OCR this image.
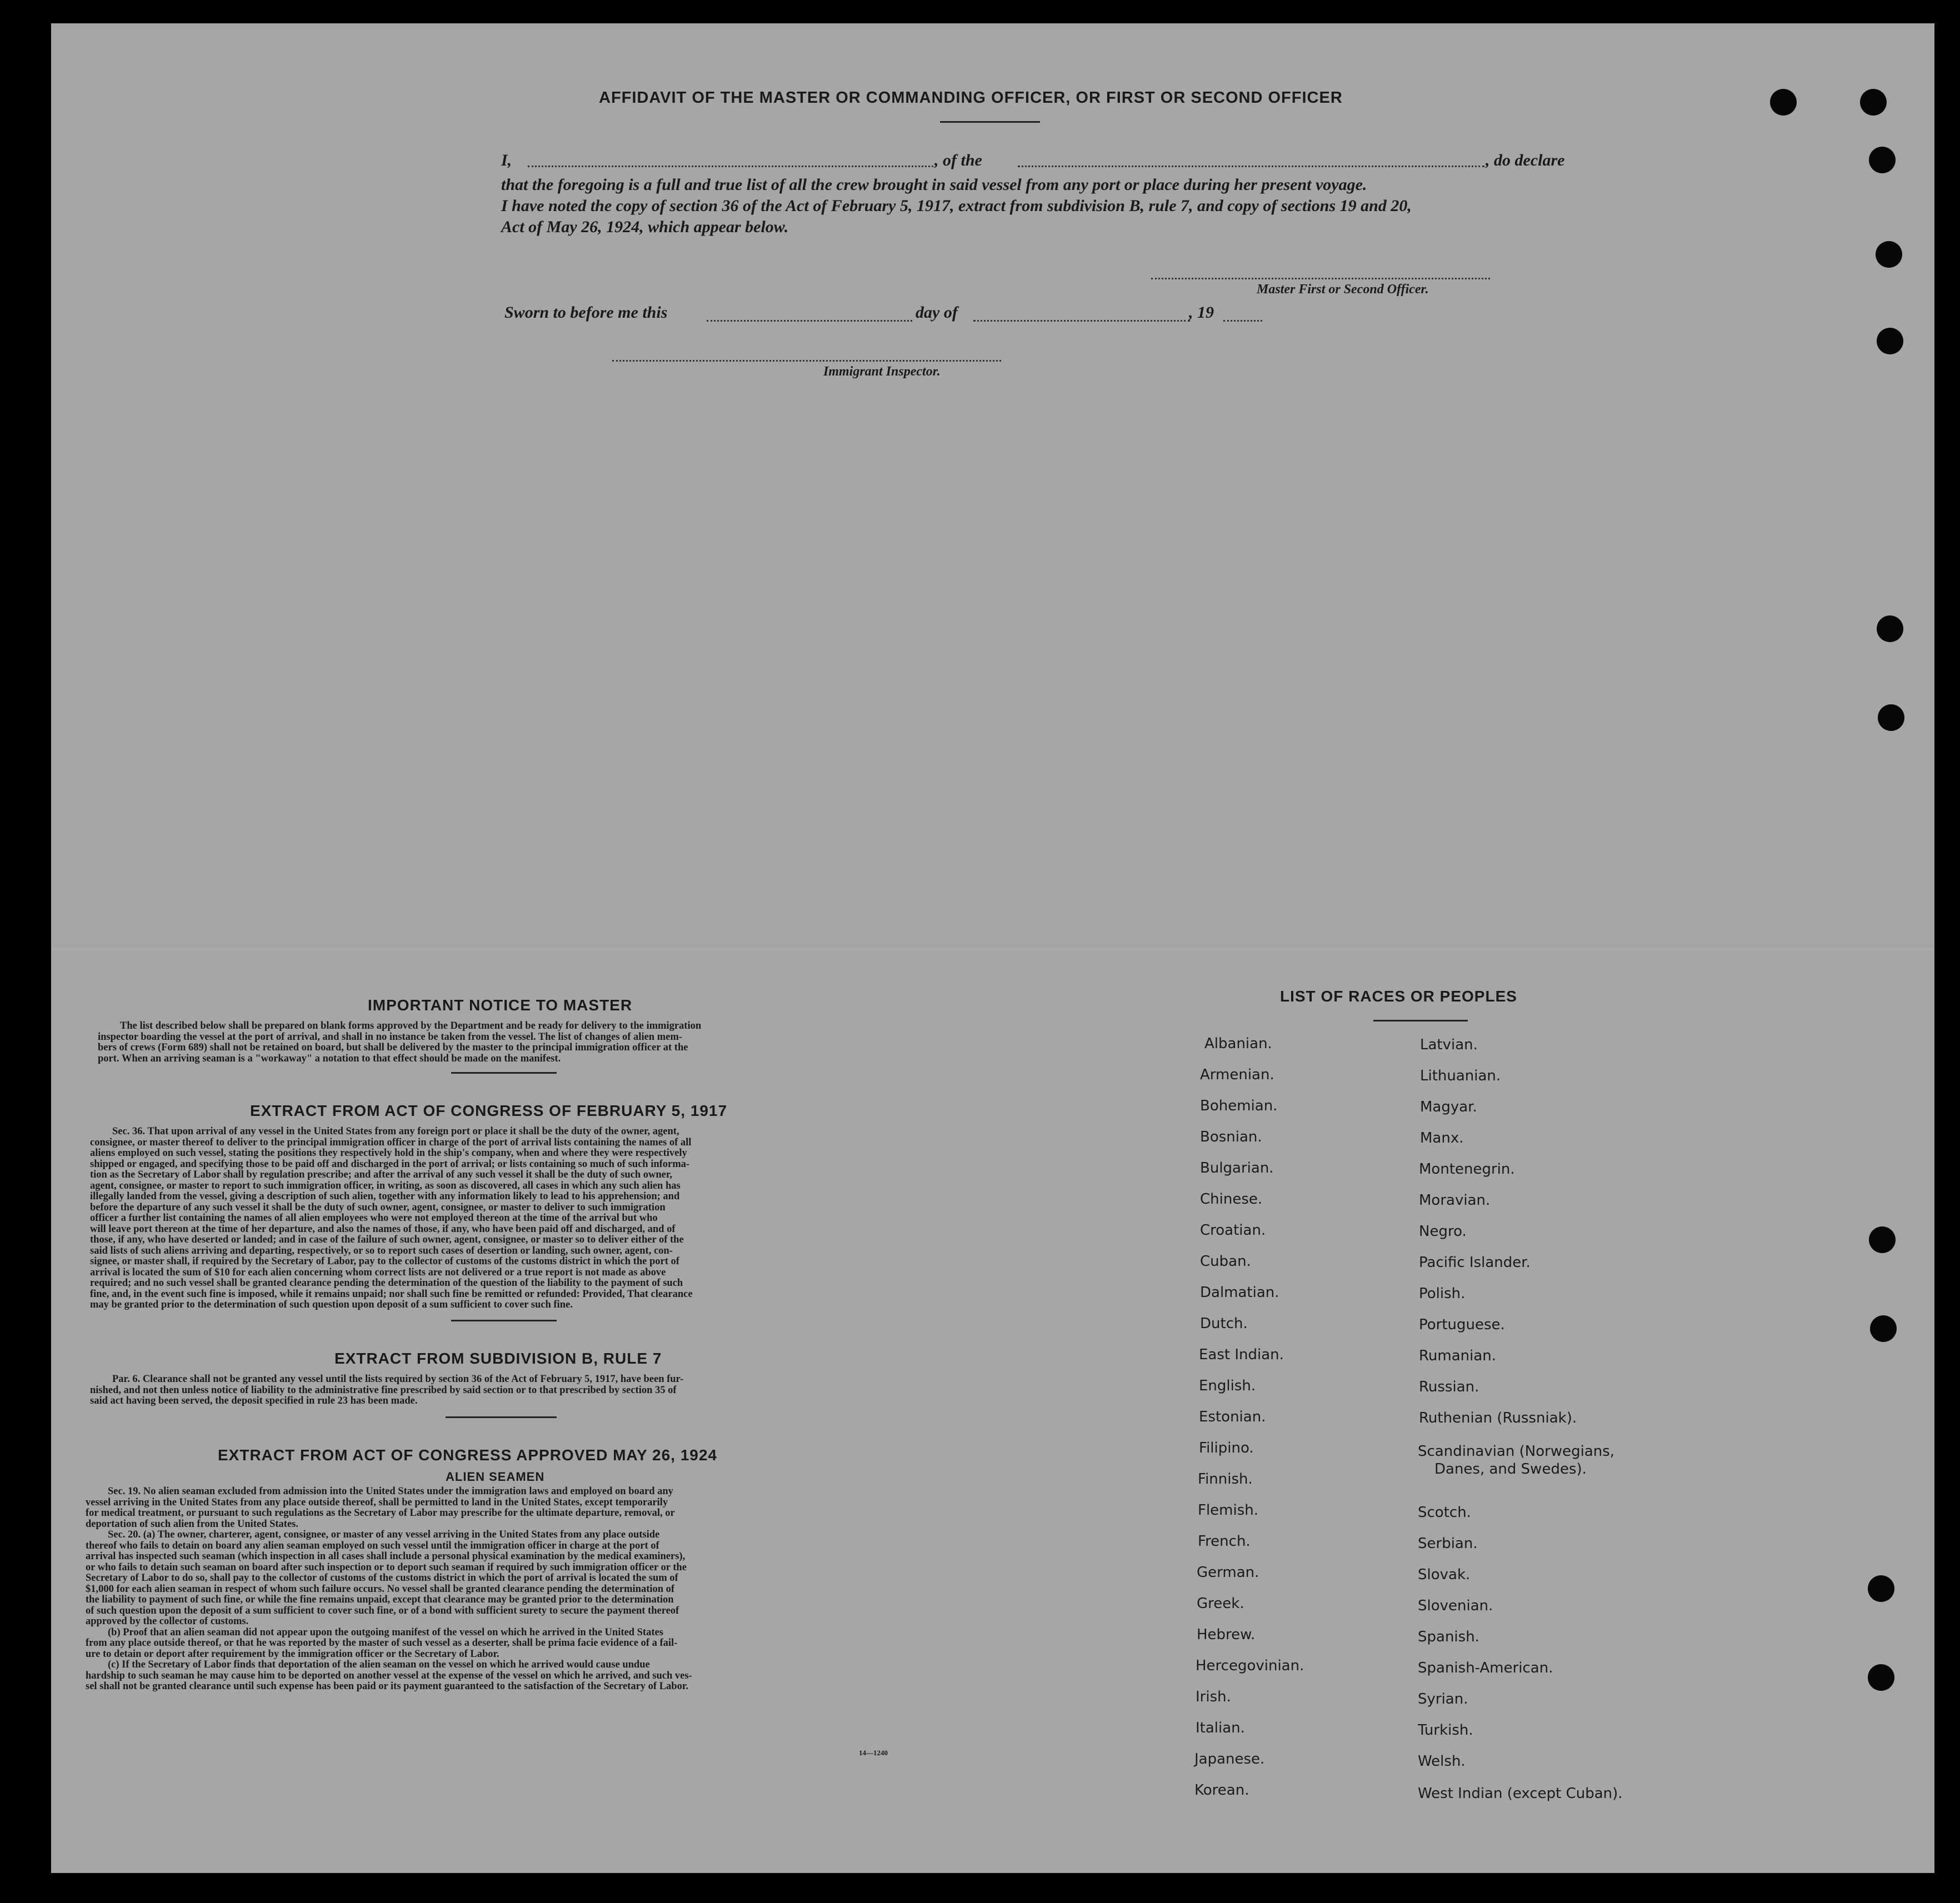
AFFIDAVIT OF THE MASTER OR COMMANDING OFFICER, OR FIRST OR SECOND OFFICER
I,	, of the	, do declare
that the foregoing is a full and true list of all the crew brought in said vessel from any port or place during her present voyage.
I have noted the copy of section 36 of the Act of February 5, 1917, extract from subdivision B, rule 7, and copy of sections 19 and 20,
Act of May 26, 1924, which appear below.
Master First or Second Officer.
Sworn to before me this	day of	, 19
Immigrant Inspector.
IMPORTANT NOTICE TO MASTER
The list described below shall be prepared on blank forms approved by the Department and be ready for delivery to the immigration
inspector boarding the vessel at the port of arrival, and shall in no instance be taken from the vessel. The list of changes of alien mem-
bers of crews (Form 689) shall not be retained on board, but shall be delivered by the master to the principal immigration officer at the
port. When an arriving seaman is a "workaway" a notation to that effect should be made on the manifest.
EXTRACT FROM ACT OF CONGRESS OF FEBRUARY 5, 1917
Sec. 36. That upon arrival of any vessel in the United States from any foreign port or place it shall be the duty of the owner, agent,
consignee, or master thereof to deliver to the principal immigration officer in charge of the port of arrival lists containing the names of all
aliens employed on such vessel, stating the positions they respectively hold in the ship's company, when and where they were respectively
shipped or engaged, and specifying those to be paid off and discharged in the port of arrival; or lists containing so much of such informa-
tion as the Secretary of Labor shall by regulation prescribe; and after the arrival of any such vessel it shall be the duty of such owner,
agent, consignee, or master to report to such immigration officer, in writing, as soon as discovered, all cases in which any such alien has
illegally landed from the vessel, giving a description of such alien, together with any information likely to lead to his apprehension; and
before the departure of any such vessel it shall be the duty of such owner, agent, consignee, or master to deliver to such immigration
officer a further list containing the names of all alien employees who were not employed thereon at the time of the arrival but who
will leave port thereon at the time of her departure, and also the names of those, if any, who have been paid off and discharged, and of
those, if any, who have deserted or landed; and in case of the failure of such owner, agent, consignee, or master so to deliver either of the
said lists of such aliens arriving and departing, respectively, or so to report such cases of desertion or landing, such owner, agent, con-
signee, or master shall, if required by the Secretary of Labor, pay to the collector of customs of the customs district in which the port of
arrival is located the sum of $10 for each alien concerning whom correct lists are not delivered or a true report is not made as above
required; and no such vessel shall be granted clearance pending the determination of the question of the liability to the payment of such
fine, and, in the event such fine is imposed, while it remains unpaid; nor shall such fine be remitted or refunded: Provided, That clearance
may be granted prior to the determination of such question upon deposit of a sum sufficient to cover such fine.
EXTRACT FROM SUBDIVISION B, RULE 7
Par. 6. Clearance shall not be granted any vessel until the lists required by section 36 of the Act of February 5, 1917, have been fur-
nished, and not then unless notice of liability to the administrative fine prescribed by said section or to that prescribed by section 35 of
said act having been served, the deposit specified in rule 23 has been made.
EXTRACT FROM ACT OF CONGRESS APPROVED MAY 26, 1924
ALIEN SEAMEN
Sec. 19. No alien seaman excluded from admission into the United States under the immigration laws and employed on board any
vessel arriving in the United States from any place outside thereof, shall be permitted to land in the United States, except temporarily
for medical treatment, or pursuant to such regulations as the Secretary of Labor may prescribe for the ultimate departure, removal, or
deportation of such alien from the United States.
Sec. 20. (a) The owner, charterer, agent, consignee, or master of any vessel arriving in the United States from any place outside
thereof who fails to detain on board any alien seaman employed on such vessel until the immigration officer in charge at the port of
arrival has inspected such seaman (which inspection in all cases shall include a personal physical examination by the medical examiners),
or who fails to detain such seaman on board after such inspection or to deport such seaman if required by such immigration officer or the
Secretary of Labor to do so, shall pay to the collector of customs of the customs district in which the port of arrival is located the sum of
$1,000 for each alien seaman in respect of whom such failure occurs. No vessel shall be granted clearance pending the determination of
the liability to payment of such fine, or while the fine remains unpaid, except that clearance may be granted prior to the determination
of such question upon the deposit of a sum sufficient to cover such fine, or of a bond with sufficient surety to secure the payment thereof
approved by the collector of customs.
(b) Proof that an alien seaman did not appear upon the outgoing manifest of the vessel on which he arrived in the United States
from any place outside thereof, or that he was reported by the master of such vessel as a deserter, shall be prima facie evidence of a fail-
ure to detain or deport after requirement by the immigration officer or the Secretary of Labor.
(c) If the Secretary of Labor finds that deportation of the alien seaman on the vessel on which he arrived would cause undue
hardship to such seaman he may cause him to be deported on another vessel at the expense of the vessel on which he arrived, and such ves-
sel shall not be granted clearance until such expense has been paid or its payment guaranteed to the satisfaction of the Secretary of Labor.
14—1240
LIST OF RACES OR PEOPLES
Albanian.
Armenian.
Bohemian.
Bosnian.
Bulgarian.
Chinese.
Croatian.
Cuban.
Dalmatian.
Dutch.
East Indian.
English.
Estonian.
Filipino.
Finnish.
Flemish.
French.
German.
Greek.
Hebrew.
Hercegovinian.
Irish.
Italian.
Japanese.
Korean.
Latvian.
Lithuanian.
Magyar.
Manx.
Montenegrin.
Moravian.
Negro.
Pacific Islander.
Polish.
Portuguese.
Rumanian.
Russian.
Ruthenian (Russniak).
Scandinavian (Norwegians,
Danes, and Swedes).
Scotch.
Serbian.
Slovak.
Slovenian.
Spanish.
Spanish-American.
Syrian.
Turkish.
Welsh.
West Indian (except Cuban).
